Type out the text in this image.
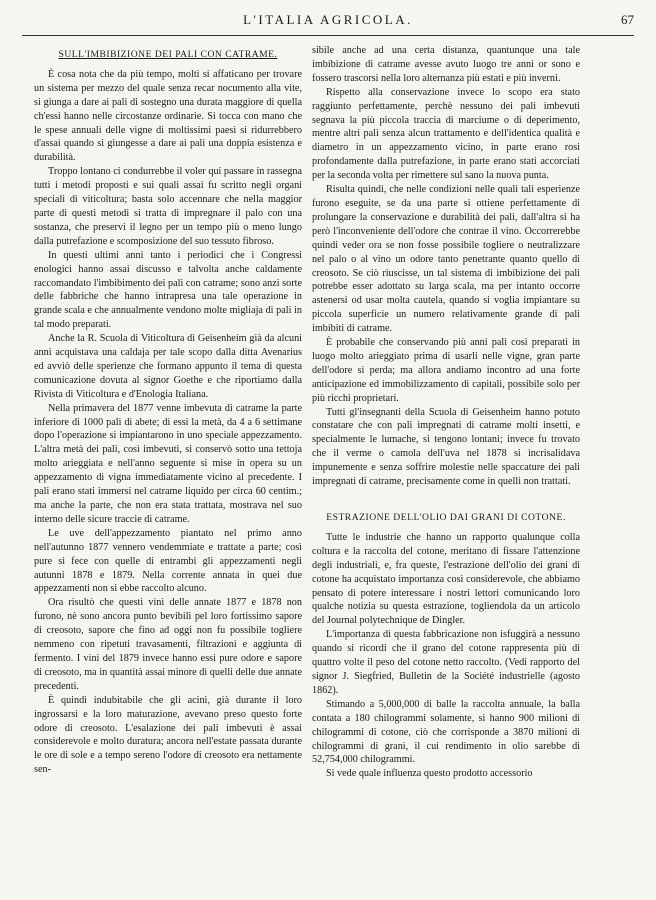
L'ITALIA AGRICOLA.	67
SULL'IMBIBIZIONE DEI PALI CON CATRAME.

È cosa nota che da più tempo, molti si affaticano per trovare un sistema per mezzo del quale senza recar nocumento alla vite, si giunga a dare ai pali di sostegno una durata maggiore di quella ch'essi hanno nelle circostanze ordinarie. Si tocca con mano che le spese annuali delle vigne di moltissimi paesi si ridurrebbero d'assai quando si giungesse a dare ai pali una doppia esistenza e durabilità.

Troppo lontano ci condurrebbe il voler qui passare in rassegna tutti i metodi proposti e sui quali assai fu scritto negli organi speciali di viticoltura; basta solo accennare che nella maggior parte di questi metodi si tratta di impregnare il palo con una sostanza, che preservi il legno per un tempo più o meno lungo dalla putrefazione e scomposizione del suo tessuto fibroso.

In questi ultimi anni tanto i periodici che i Congressi enologici hanno assai discusso e talvolta anche caldamente raccomandato l'imbibimento dei pali con catrame; sono anzi sorte delle fabbriche che hanno intrapresa una tale operazione in grande scala e che annualmente vendono molte migliaja di pali in tal modo preparati.

Anche la R. Scuola di Viticoltura di Geisenheim già da alcuni anni acquistava una caldaja per tale scopo dalla ditta Avenarius ed avviò delle sperienze che formano appunto il tema di questa comunicazione dovuta al signor Goethe e che riportiamo dalla Rivista di Viticoltura e d'Enologia Italiana.

Nella primavera del 1877 venne imbevuta di catrame la parte inferiore di 1000 pali di abete; di essi la metà, da 4 a 6 settimane dopo l'operazione si impiantarono in uno speciale appezzamento. L'altra metà dei pali, così imbevuti, si conservò sotto una tettoja molto arieggiata e nell'anno seguente si mise in opera su un appezzamento di vigna immediatamente vicino al precedente. I pali erano stati immersi nel catrame liquido per circa 60 centim.; ma anche la parte, che non era stata trattata, mostrava nel suo interno delle sicure traccie di catrame.

Le uve dell'appezzamento piantato nel primo anno nell'autunno 1877 vennero vendemmiate e trattate a parte; così pure si fece con quelle di entrambi gli appezzamenti negli autunni 1878 e 1879. Nella corrente annata in quei due appezzamenti non si ebbe raccolto alcuno.

Ora risultò che questi vini delle annate 1877 e 1878 non furono, nè sono ancora punto bevibili pel loro fortissimo sapore di creosoto, sapore che fino ad oggi non fu possibile togliere nemmeno con ripetuti travasamenti, filtrazioni e aggiunta di fermento. I vini del 1879 invece hanno essi pure odore e sapore di creosoto, ma in quantità assai minore di quelli delle due annate precedenti.

È quindi indubitabile che gli acini, già durante il loro ingrossarsi e la loro maturazione, avevano preso questo forte odore di creosoto. L'esalazione dei pali imbevuti è assai considerevole e molto duratura; ancora nell'estate passata durante le ore di sole e a tempo sereno l'odore di creosoto era nettamente sen-

sibile anche ad una certa distanza, quantunque una tale imbibizione di catrame avesse avuto luogo tre anni or sono e fossero trascorsi nella loro alternanza più estati e più inverni.

Rispetto alla conservazione invece lo scopo era stato raggiunto perfettamente, perchè nessuno dei pali imbevuti segnava la più piccola traccia di marciume o di deperimento, mentre altri pali senza alcun trattamento e dell'identica qualità e diametro in un appezzamento vicino, in parte erano rosi profondamente dalla putrefazione, in parte erano stati accorciati per la seconda volta per rimettere sul sano la nuova punta.

Risulta quindi, che nelle condizioni nelle quali tali esperienze furono eseguite, se da una parte si ottiene perfettamente di prolungare la conservazione e durabilità dei pali, dall'altra si ha però l'inconveniente dell'odore che contrae il vino. Occorrerebbe quindi veder ora se non fosse possibile togliere o neutralizzare nel palo o al vino un odore tanto penetrante quanto quello di creosoto. Se ciò riuscisse, un tal sistema di imbibizione dei pali potrebbe esser adottato su larga scala, ma per intanto occorre astenersi od usar molta cautela, quando si voglia impiantare su piccola superficie un numero relativamente grande di pali imbibiti di catrame.

È probabile che conservando più anni pali così preparati in luogo molto arieggiato prima di usarli nelle vigne, gran parte dell'odore si perda; ma allora andiamo incontro ad una forte anticipazione ed immobilizzamento di capitali, possibile solo per più ricchi proprietari.

Tutti gl'insegnanti della Scuola di Geisenheim hanno potuto constatare che con pali impregnati di catrame molti insetti, e specialmente le lumache, si tengono lontani; invece fu trovato che il verme o camola dell'uva nel 1878 si incrisalidava impunemente e senza soffrire molestie nelle spaccature dei pali impregnati di catrame, precisamente come in quelli non trattati.

ESTRAZIONE DELL'OLIO DAI GRANI DI COTONE.

Tutte le industrie che hanno un rapporto qualunque colla coltura e la raccolta del cotone, meritano di fissare l'attenzione degli industriali, e, fra queste, l'estrazione dell'olio dei grani di cotone ha acquistato importanza così considerevole, che abbiamo pensato di potere interessare i nostri lettori comunicando loro qualche notizia su questa estrazione, togliendola da un articolo del Journal polytechnique de Dingler.

L'importanza di questa fabbricazione non isfuggirà a nessuno quando si ricordi che il grano del cotone rappresenta più di quattro volte il peso del cotone netto raccolto. (Vedi rapporto del signor J. Siegfried, Bulletin de la Société industrielle (agosto 1862).

Stimando a 5,000,000 di balle la raccolta annuale, la balla contata a 180 chilogrammi solamente, si hanno 900 milioni di chilogrammi di cotone, ciò che corrisponde a 3870 milioni di chilogrammi di grani, il cui rendimento in olio sarebbe di 52,754,000 chilogrammi.

Si vede quale influenza questo prodotto accessorio
